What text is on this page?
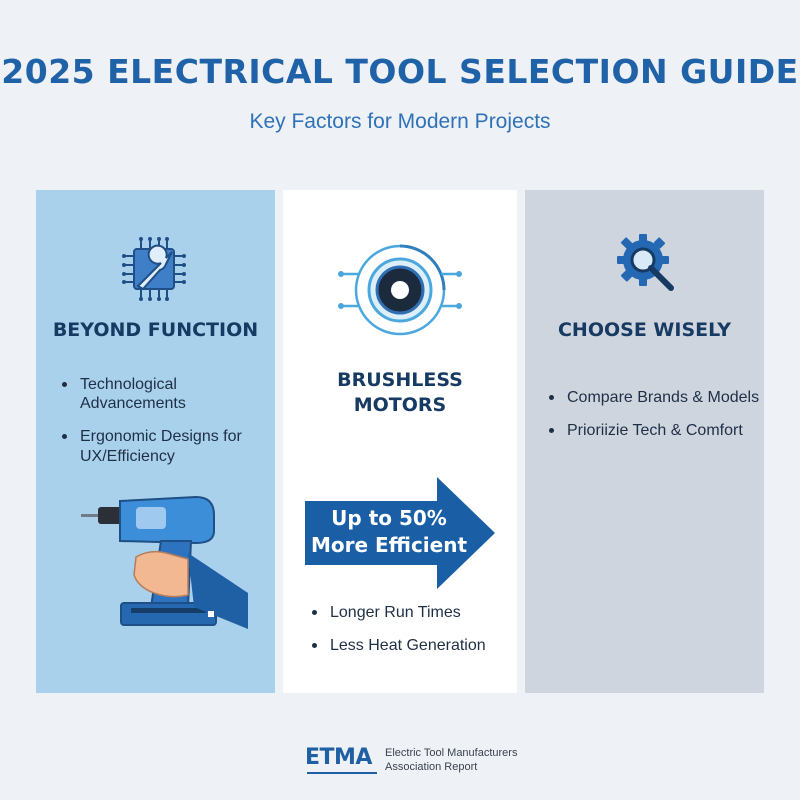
2025 ELECTRICAL TOOL SELECTION GUIDE
Key Factors for Modern Projects
BEYOND FUNCTION
Technological Advancements
Ergonomic Designs for UX/Efficiency
BRUSHLESS
MOTORS
Up to 50%
More Efficient
Longer Run Times
Less Heat Generation
CHOOSE WISELY
Compare Brands & Models
Prioriizie Tech & Comfort
ETMA Electric Tool Manufacturers
Association Report
